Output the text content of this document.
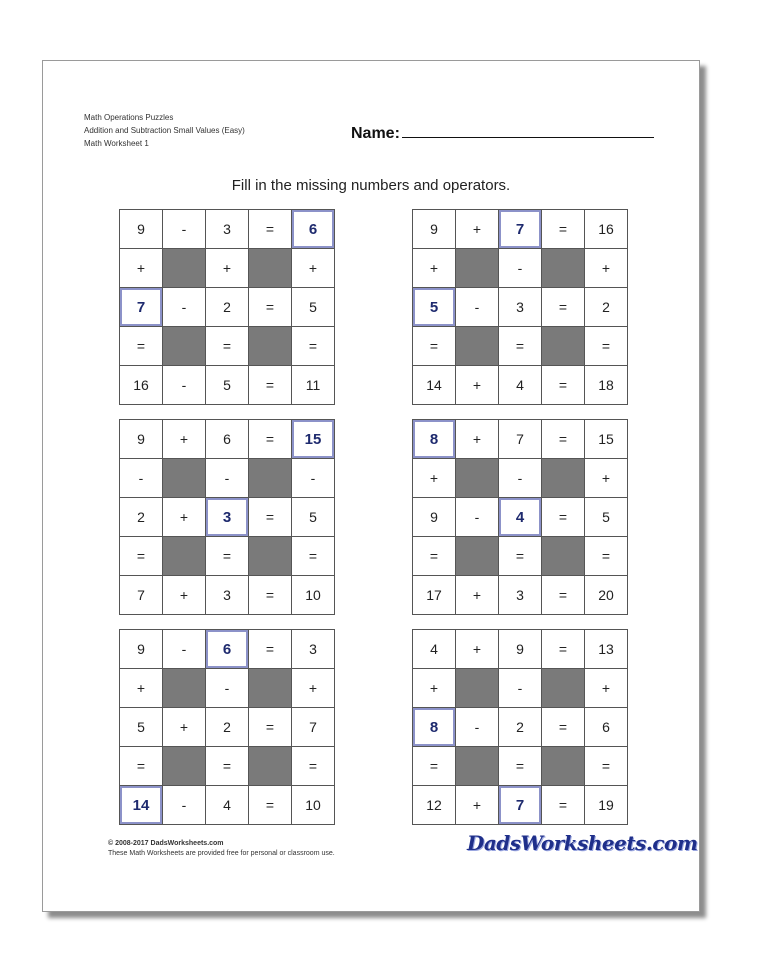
Math Operations Puzzles
Addition and Subtraction Small Values (Easy)
Math Worksheet 1
Name:
Fill in the missing numbers and operators.
9	-	3	=	6
+		+		+
7	-	2	=	5
=		=		=
16	-	5	=	11
9	+	7	=	16
+		-		+
5	-	3	=	2
=		=		=
14	+	4	=	18
9	+	6	=	15
-		-		-
2	+	3	=	5
=		=		=
7	+	3	=	10
8	+	7	=	15
+		-		+
9	-	4	=	5
=		=		=
17	+	3	=	20
9	-	6	=	3
+		-		+
5	+	2	=	7
=		=		=
14	-	4	=	10
4	+	9	=	13
+		-		+
8	-	2	=	6
=		=		=
12	+	7	=	19
© 2008-2017 DadsWorksheets.com
These Math Worksheets are provided free for personal or classroom use.	DadsWorksheets.com
